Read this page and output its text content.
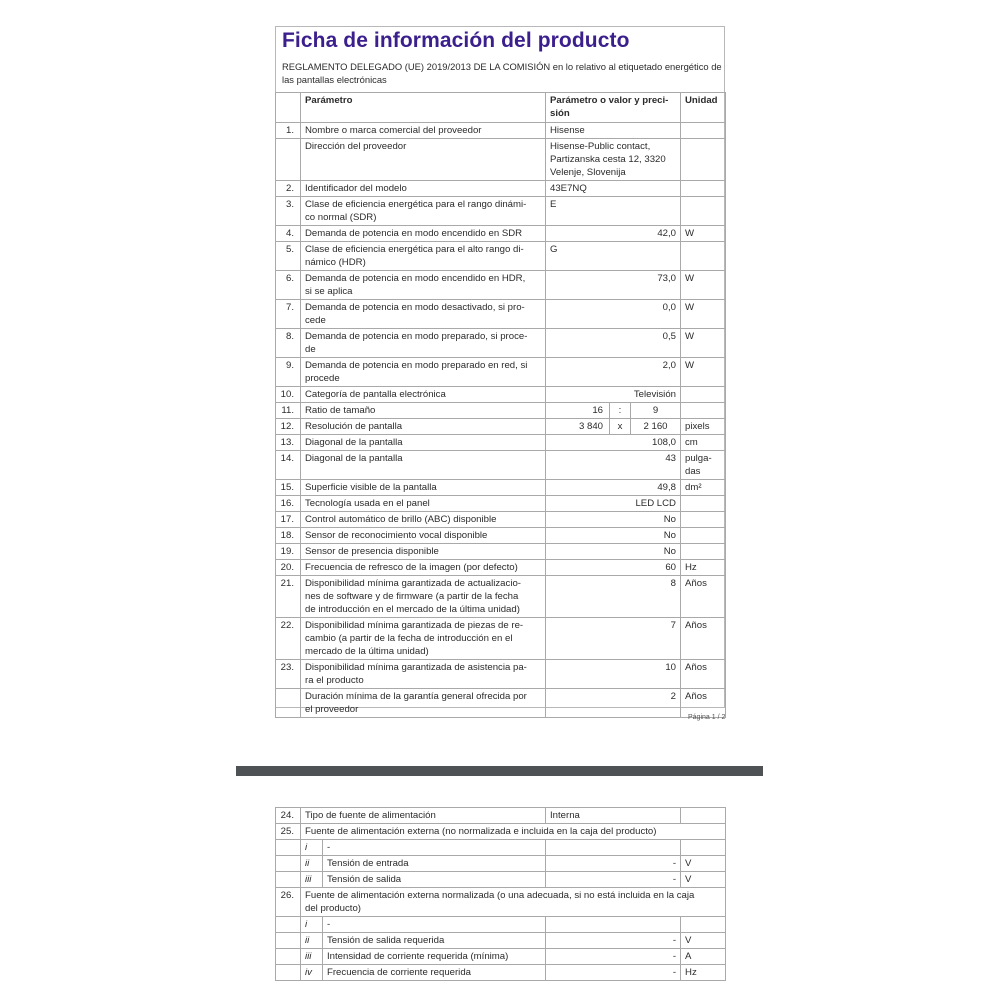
Ficha de información del producto
REGLAMENTO DELEGADO (UE) 2019/2013 DE LA COMISIÓN en lo relativo al etiquetado energético de las pantallas electrónicas
	Parámetro	Parámetro o valor y preci-
sión	Unidad
1.	Nombre o marca comercial del proveedor	Hisense	
	Dirección del proveedor	Hisense-Public contact,
Partizanska cesta 12, 3320
Velenje, Slovenija	
2.	Identificador del modelo	43E7NQ	
3.	Clase de eficiencia energética para el rango dinámi-
co normal (SDR)	E	
4.	Demanda de potencia en modo encendido en SDR	42,0	W
5.	Clase de eficiencia energética para el alto rango di-
námico (HDR)	G	
6.	Demanda de potencia en modo encendido en HDR,
si se aplica	73,0	W
7.	Demanda de potencia en modo desactivado, si pro-
cede	0,0	W
8.	Demanda de potencia en modo preparado, si proce-
de	0,5	W
9.	Demanda de potencia en modo preparado en red, si
procede	2,0	W
10.	Categoría de pantalla electrónica	Televisión	
11.	Ratio de tamaño		16	:	9

12.	Resolución de pantalla		3 840	x	2 160
	pixels
13.	Diagonal de la pantalla	108,0	cm
14.	Diagonal de la pantalla	43	pulga-
das
15.	Superficie visible de la pantalla	49,8	dm²
16.	Tecnología usada en el panel	LED LCD	
17.	Control automático de brillo (ABC) disponible	No	
18.	Sensor de reconocimiento vocal disponible	No	
19.	Sensor de presencia disponible	No	
20.	Frecuencia de refresco de la imagen (por defecto)	60	Hz
21.	Disponibilidad mínima garantizada de actualizacio-
nes de software y de firmware (a partir de la fecha
de introducción en el mercado de la última unidad)	8	Años
22.	Disponibilidad mínima garantizada de piezas de re-
cambio (a partir de la fecha de introducción en el
mercado de la última unidad)	7	Años
23.	Disponibilidad mínima garantizada de asistencia pa-
ra el producto	10	Años
	Duración mínima de la garantía general ofrecida por
el proveedor	2	Años
Página 1 / 2
24.	Tipo de fuente de alimentación		Interna	
25.	Fuente de alimentación externa (no normalizada e incluida en la caja del producto)			
	i	-		
	ii	Tensión de entrada	-	V
	iii	Tensión de salida	-	V
26.	Fuente de alimentación externa normalizada (o una adecuada, si no está incluida en la caja
del producto)			
	i	-		
	ii	Tensión de salida requerida	-	V
	iii	Intensidad de corriente requerida (mínima)	-	A
	iv	Frecuencia de corriente requerida	-	Hz
